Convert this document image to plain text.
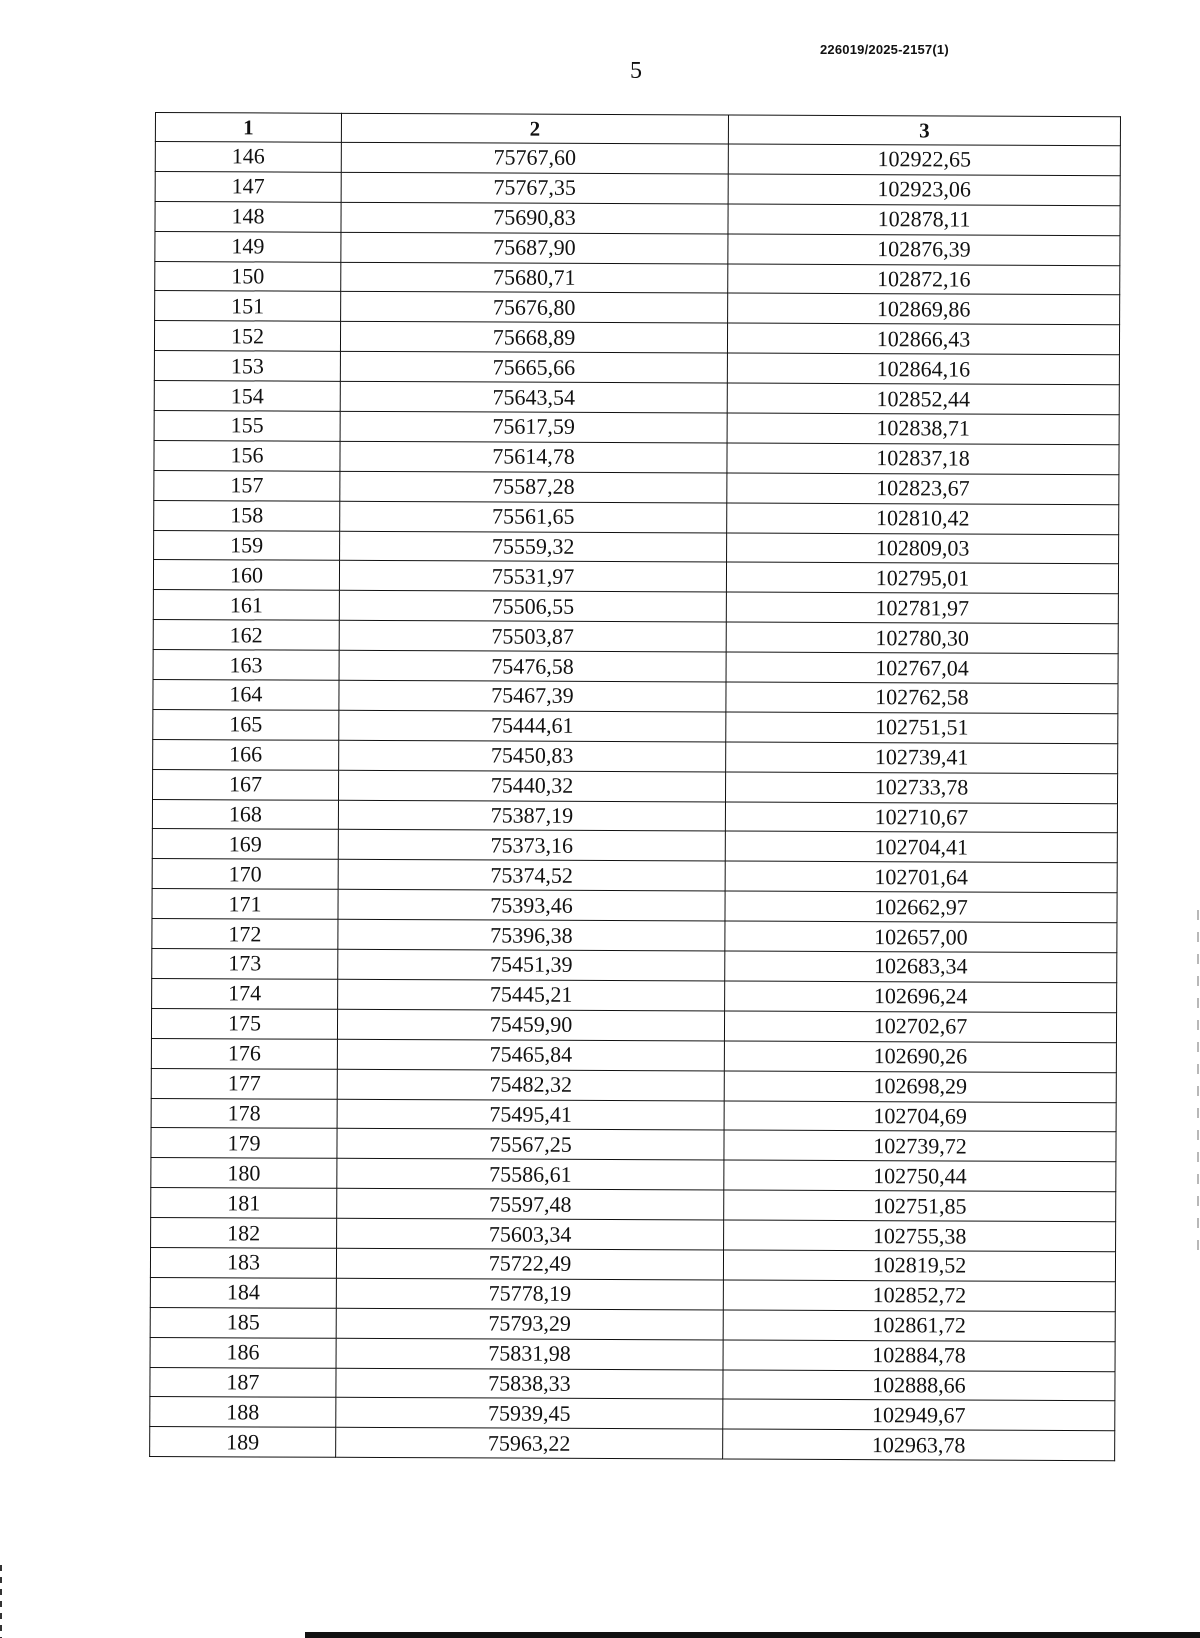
226019/2025-2157(1)
5
1	2	3
146	75767,60	102922,65
147	75767,35	102923,06
148	75690,83	102878,11
149	75687,90	102876,39
150	75680,71	102872,16
151	75676,80	102869,86
152	75668,89	102866,43
153	75665,66	102864,16
154	75643,54	102852,44
155	75617,59	102838,71
156	75614,78	102837,18
157	75587,28	102823,67
158	75561,65	102810,42
159	75559,32	102809,03
160	75531,97	102795,01
161	75506,55	102781,97
162	75503,87	102780,30
163	75476,58	102767,04
164	75467,39	102762,58
165	75444,61	102751,51
166	75450,83	102739,41
167	75440,32	102733,78
168	75387,19	102710,67
169	75373,16	102704,41
170	75374,52	102701,64
171	75393,46	102662,97
172	75396,38	102657,00
173	75451,39	102683,34
174	75445,21	102696,24
175	75459,90	102702,67
176	75465,84	102690,26
177	75482,32	102698,29
178	75495,41	102704,69
179	75567,25	102739,72
180	75586,61	102750,44
181	75597,48	102751,85
182	75603,34	102755,38
183	75722,49	102819,52
184	75778,19	102852,72
185	75793,29	102861,72
186	75831,98	102884,78
187	75838,33	102888,66
188	75939,45	102949,67
189	75963,22	102963,78
